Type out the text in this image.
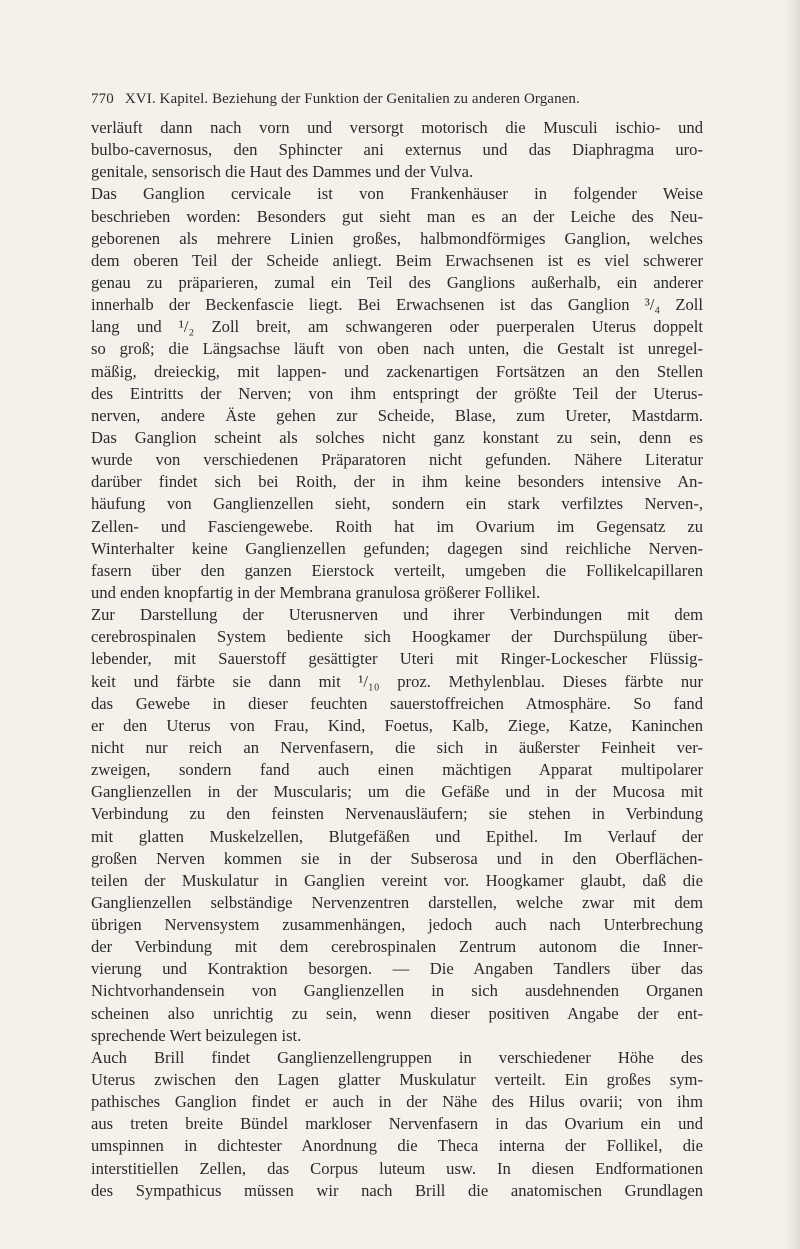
770 XVI. Kapitel. Beziehung der Funktion der Genitalien zu anderen Organen.
verläuft dann nach vorn und versorgt motorisch die Musculi ischio- und
bulbo-cavernosus, den Sphincter ani externus und das Diaphragma uro-
genitale, sensorisch die Haut des Dammes und der Vulva.
Das Ganglion cervicale ist von Frankenhäuser in folgender Weise
beschrieben worden: Besonders gut sieht man es an der Leiche des Neu-
geborenen als mehrere Linien großes, halbmondförmiges Ganglion, welches
dem oberen Teil der Scheide anliegt. Beim Erwachsenen ist es viel schwerer
genau zu präparieren, zumal ein Teil des Ganglions außerhalb, ein anderer
innerhalb der Beckenfascie liegt. Bei Erwachsenen ist das Ganglion ³/₄ Zoll
lang und ¹/₂ Zoll breit, am schwangeren oder puerperalen Uterus doppelt
so groß; die Längsachse läuft von oben nach unten, die Gestalt ist unregel-
mäßig, dreieckig, mit lappen- und zackenartigen Fortsätzen an den Stellen
des Eintritts der Nerven; von ihm entspringt der größte Teil der Uterus-
nerven, andere Äste gehen zur Scheide, Blase, zum Ureter, Mastdarm.
Das Ganglion scheint als solches nicht ganz konstant zu sein, denn es
wurde von verschiedenen Präparatoren nicht gefunden. Nähere Literatur
darüber findet sich bei Roith, der in ihm keine besonders intensive An-
häufung von Ganglienzellen sieht, sondern ein stark verfilztes Nerven-,
Zellen- und Fasciengewebe. Roith hat im Ovarium im Gegensatz zu
Winterhalter keine Ganglienzellen gefunden; dagegen sind reichliche Nerven-
fasern über den ganzen Eierstock verteilt, umgeben die Follikelcapillaren
und enden knopfartig in der Membrana granulosa größerer Follikel.
Zur Darstellung der Uterusnerven und ihrer Verbindungen mit dem
cerebrospinalen System bediente sich Hoogkamer der Durchspülung über-
lebender, mit Sauerstoff gesättigter Uteri mit Ringer-Lockescher Flüssig-
keit und färbte sie dann mit ¹/₁₀ proz. Methylenblau. Dieses färbte nur
das Gewebe in dieser feuchten sauerstoffreichen Atmosphäre. So fand
er den Uterus von Frau, Kind, Foetus, Kalb, Ziege, Katze, Kaninchen
nicht nur reich an Nervenfasern, die sich in äußerster Feinheit ver-
zweigen, sondern fand auch einen mächtigen Apparat multipolarer
Ganglienzellen in der Muscularis; um die Gefäße und in der Mucosa mit
Verbindung zu den feinsten Nervenausläufern; sie stehen in Verbindung
mit glatten Muskelzellen, Blutgefäßen und Epithel. Im Verlauf der
großen Nerven kommen sie in der Subserosa und in den Oberflächen-
teilen der Muskulatur in Ganglien vereint vor. Hoogkamer glaubt, daß die
Ganglienzellen selbständige Nervenzentren darstellen, welche zwar mit dem
übrigen Nervensystem zusammenhängen, jedoch auch nach Unterbrechung
der Verbindung mit dem cerebrospinalen Zentrum autonom die Inner-
vierung und Kontraktion besorgen. — Die Angaben Tandlers über das
Nichtvorhandensein von Ganglienzellen in sich ausdehnenden Organen
scheinen also unrichtig zu sein, wenn dieser positiven Angabe der ent-
sprechende Wert beizulegen ist.
Auch Brill findet Ganglienzellengruppen in verschiedener Höhe des
Uterus zwischen den Lagen glatter Muskulatur verteilt. Ein großes sym-
pathisches Ganglion findet er auch in der Nähe des Hilus ovarii; von ihm
aus treten breite Bündel markloser Nervenfasern in das Ovarium ein und
umspinnen in dichtester Anordnung die Theca interna der Follikel, die
interstitiellen Zellen, das Corpus luteum usw. In diesen Endformationen
des Sympathicus müssen wir nach Brill die anatomischen Grundlagen
